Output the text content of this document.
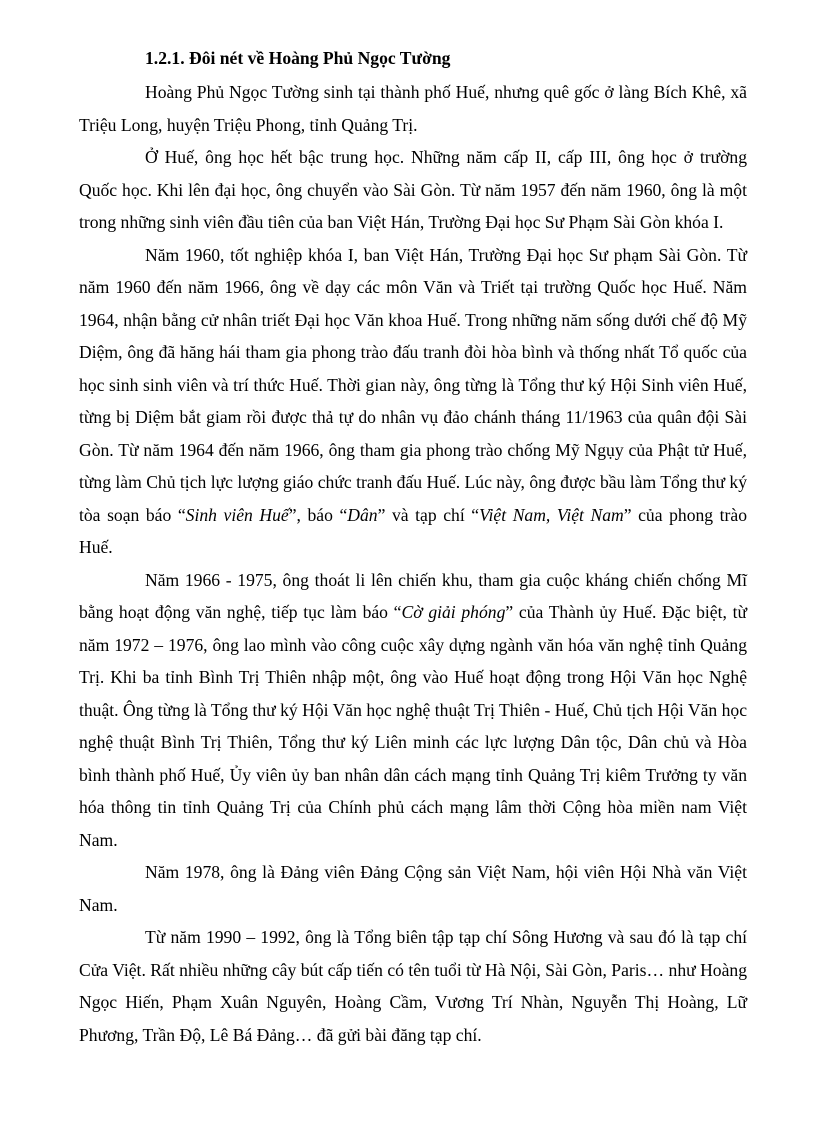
1.2.1. Đôi nét về Hoàng Phủ Ngọc Tường

Hoàng Phủ Ngọc Tường sinh tại thành phố Huế, nhưng quê gốc ở làng Bích Khê, xã Triệu Long, huyện Triệu Phong, tỉnh Quảng Trị.

Ở Huế, ông học hết bậc trung học. Những năm cấp II, cấp III, ông học ở trường Quốc học. Khi lên đại học, ông chuyển vào Sài Gòn. Từ năm 1957 đến năm 1960, ông là một trong những sinh viên đầu tiên của ban Việt Hán, Trường Đại học Sư Phạm Sài Gòn khóa I.

Năm 1960, tốt nghiệp khóa I, ban Việt Hán, Trường Đại học Sư phạm Sài Gòn. Từ năm 1960 đến năm 1966, ông về dạy các môn Văn và Triết tại trường Quốc học Huế. Năm 1964, nhận bằng cử nhân triết Đại học Văn khoa Huế. Trong những năm sống dưới chế độ Mỹ Diệm, ông đã hăng hái tham gia phong trào đấu tranh đòi hòa bình và thống nhất Tổ quốc của học sinh sinh viên và trí thức Huế. Thời gian này, ông từng là Tổng thư ký Hội Sinh viên Huế, từng bị Diệm bắt giam rồi được thả tự do nhân vụ đảo chánh tháng 11/1963 của quân đội Sài Gòn. Từ năm 1964 đến năm 1966, ông tham gia phong trào chống Mỹ Ngụy của Phật tử Huế, từng làm Chủ tịch lực lượng giáo chức tranh đấu Huế. Lúc này, ông được bầu làm Tổng thư ký tòa soạn báo “Sinh viên Huế”, báo “Dân” và tạp chí “Việt Nam, Việt Nam” của phong trào Huế.

Năm 1966 - 1975, ông thoát li lên chiến khu, tham gia cuộc kháng chiến chống Mĩ bằng hoạt động văn nghệ, tiếp tục làm báo “Cờ giải phóng” của Thành ủy Huế. Đặc biệt, từ năm 1972 – 1976, ông lao mình vào công cuộc xây dựng ngành văn hóa văn nghệ tỉnh Quảng Trị. Khi ba tỉnh Bình Trị Thiên nhập một, ông vào Huế hoạt động trong Hội Văn học Nghệ thuật. Ông từng là Tổng thư ký Hội Văn học nghệ thuật Trị Thiên - Huế, Chủ tịch Hội Văn học nghệ thuật Bình Trị Thiên, Tổng thư ký Liên minh các lực lượng Dân tộc, Dân chủ và Hòa bình thành phố Huế, Ủy viên ủy ban nhân dân cách mạng tỉnh Quảng Trị kiêm Trưởng ty văn hóa thông tin tỉnh Quảng Trị của Chính phủ cách mạng lâm thời Cộng hòa miền nam Việt Nam.

Năm 1978, ông là Đảng viên Đảng Cộng sản Việt Nam, hội viên Hội Nhà văn Việt Nam.

Từ năm 1990 – 1992, ông là Tổng biên tập tạp chí Sông Hương và sau đó là tạp chí Cửa Việt. Rất nhiều những cây bút cấp tiến có tên tuổi từ Hà Nội, Sài Gòn, Paris… như Hoàng Ngọc Hiến, Phạm Xuân Nguyên, Hoàng Cầm, Vương Trí Nhàn, Nguyễn Thị Hoàng, Lữ Phương, Trần Độ, Lê Bá Đảng… đã gửi bài đăng tạp chí.
